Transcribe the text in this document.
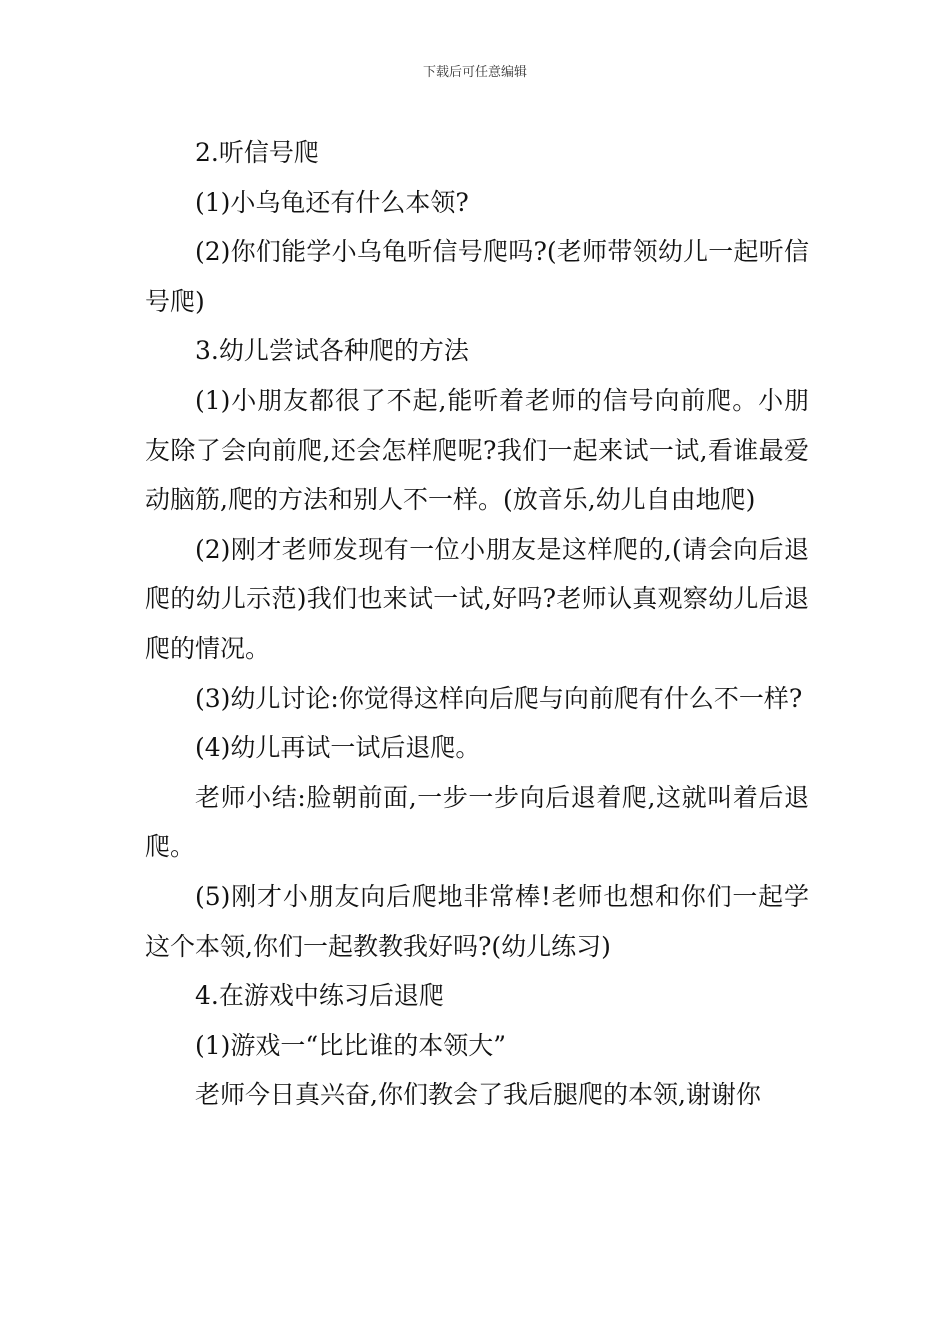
下载后可任意编辑

2.听信号爬

(1)小乌龟还有什么本领?

(2)你们能学小乌龟听信号爬吗?(老师带领幼儿一起听信号爬)

3.幼儿尝试各种爬的方法

(1)小朋友都很了不起,能听着老师的信号向前爬。小朋友除了会向前爬,还会怎样爬呢?我们一起来试一试,看谁最爱动脑筋,爬的方法和别人不一样。(放音乐,幼儿自由地爬)

(2)刚才老师发现有一位小朋友是这样爬的,(请会向后退爬的幼儿示范)我们也来试一试,好吗?老师认真观察幼儿后退爬的情况。

(3)幼儿讨论:你觉得这样向后爬与向前爬有什么不一样?

(4)幼儿再试一试后退爬。

老师小结:脸朝前面,一步一步向后退着爬,这就叫着后退爬。

(5)刚才小朋友向后爬地非常棒!老师也想和你们一起学这个本领,你们一起教教我好吗?(幼儿练习)

4.在游戏中练习后退爬

(1)游戏一“比比谁的本领大”

老师今日真兴奋,你们教会了我后腿爬的本领,谢谢你
